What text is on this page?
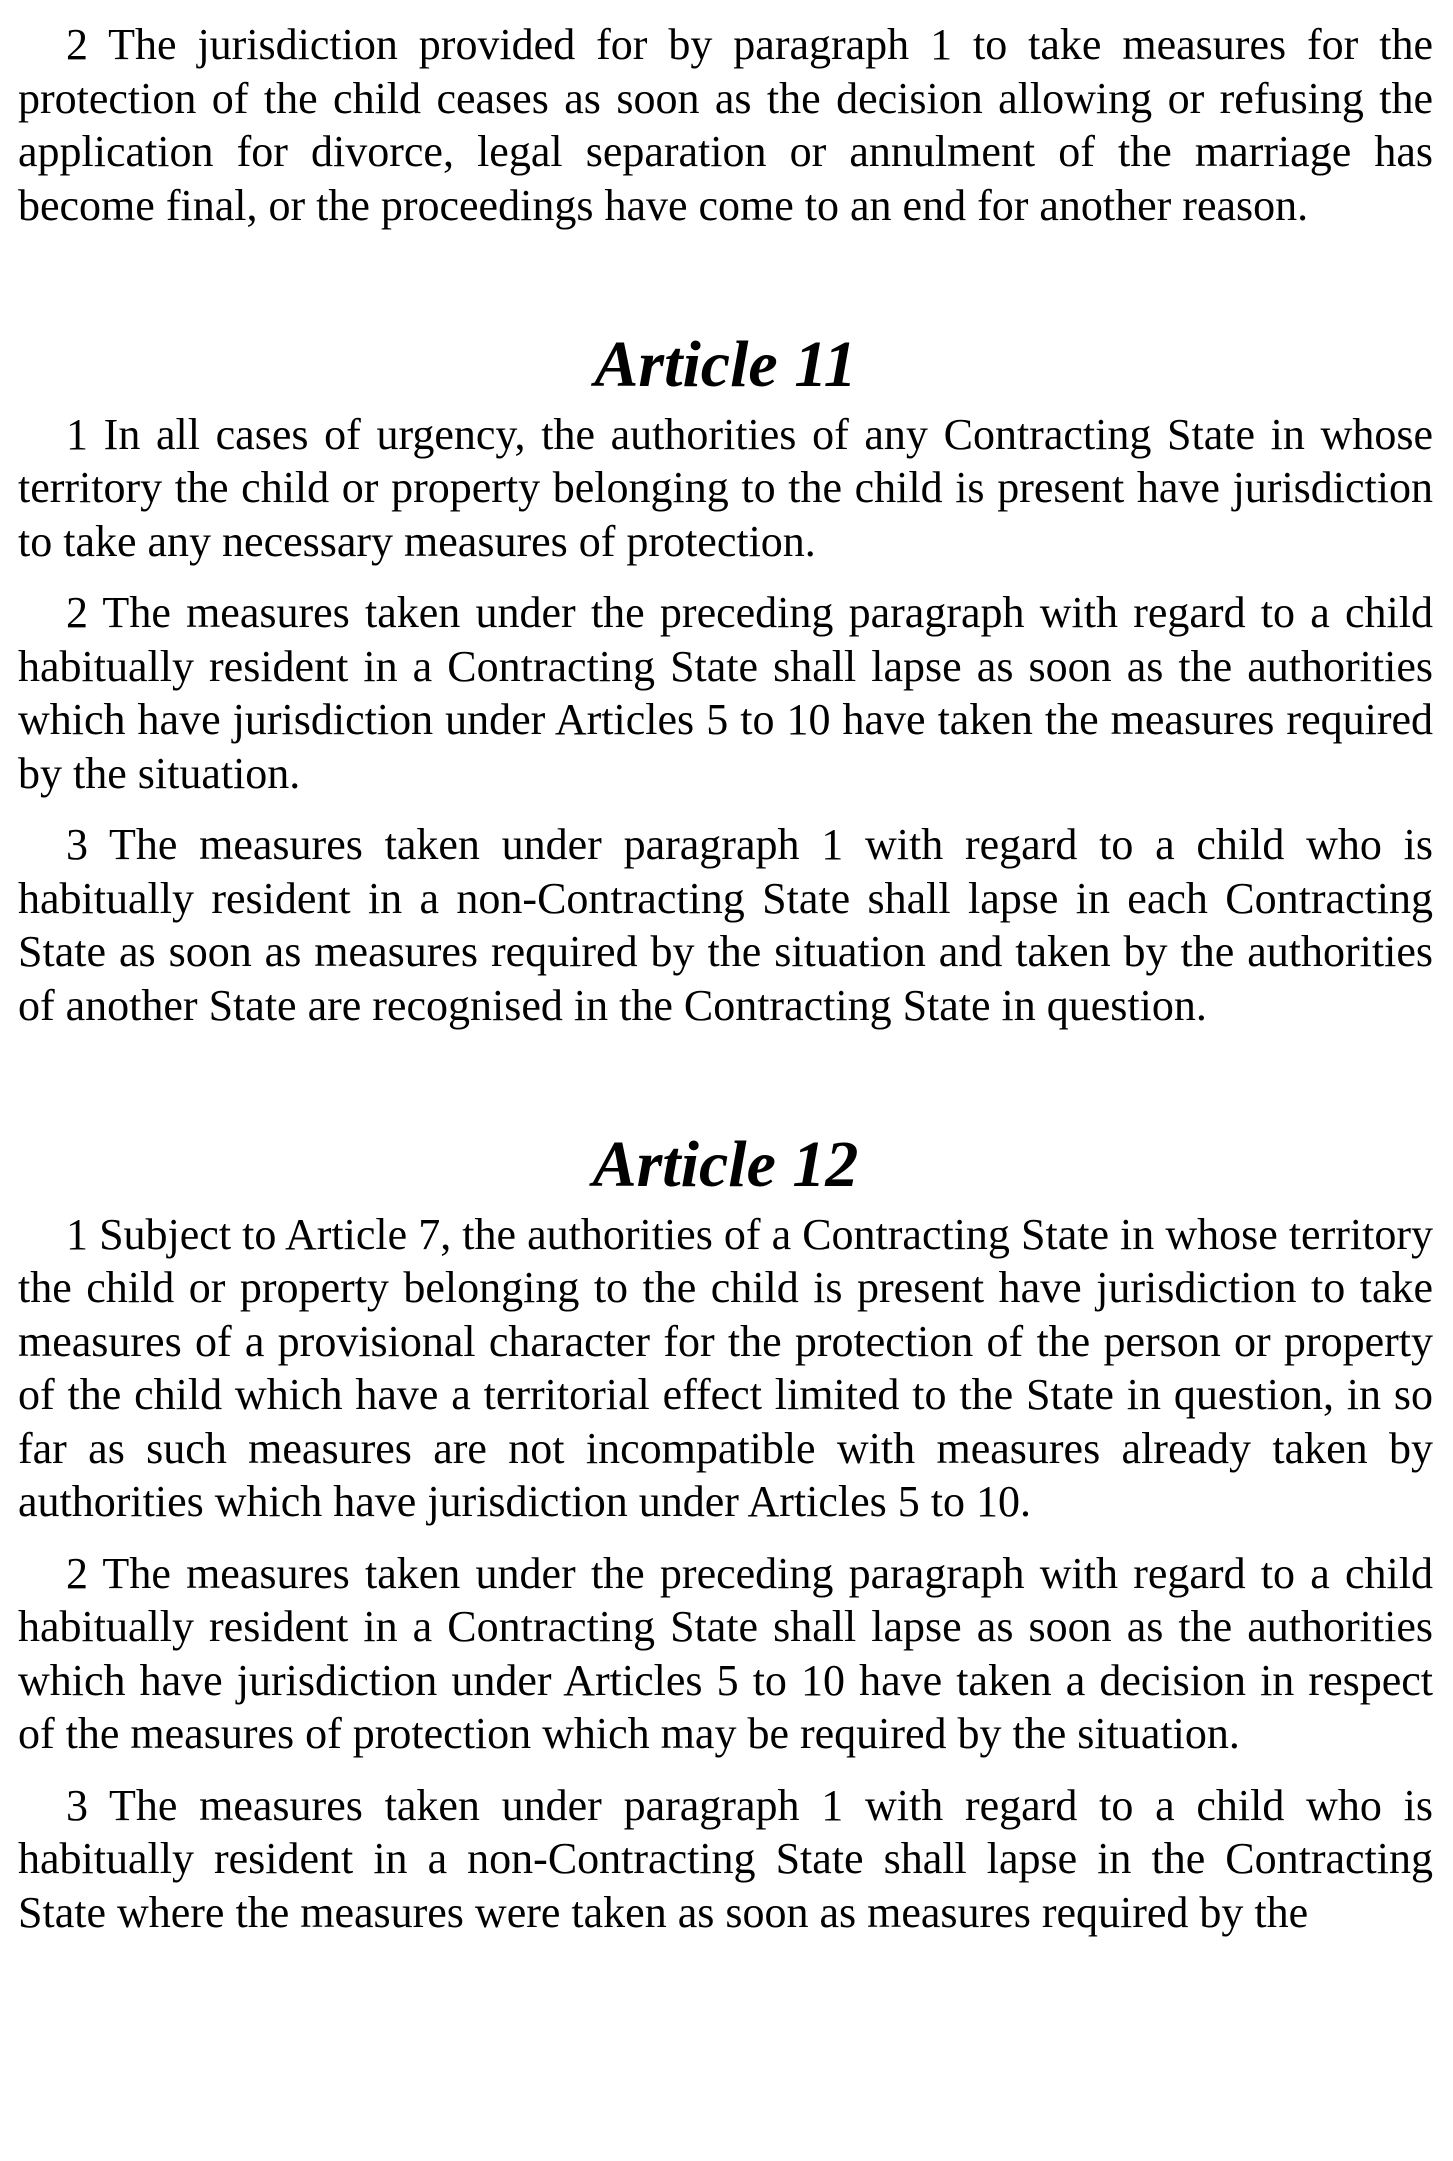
2 The jurisdiction provided for by paragraph 1 to take measures for the protection of the child ceases as soon as the decision allowing or refusing the application for divorce, legal separation or annulment of the marriage has become final, or the proceedings have come to an end for another reason.

Article 11

1 In all cases of urgency, the authorities of any Contracting State in whose territory the child or property belonging to the child is present have jurisdiction to take any necessary measures of protection.

2 The measures taken under the preceding paragraph with regard to a child habitually resident in a Contracting State shall lapse as soon as the authorities which have jurisdiction under Articles 5 to 10 have taken the measures required by the situation.

3 The measures taken under paragraph 1 with regard to a child who is habitually resident in a non-Contracting State shall lapse in each Contracting State as soon as measures required by the situation and taken by the authorities of another State are recognised in the Contracting State in question.

Article 12

1 Subject to Article 7, the authorities of a Contracting State in whose territory the child or property belonging to the child is present have jurisdiction to take measures of a provisional character for the protection of the person or property of the child which have a territorial effect limited to the State in question, in so far as such measures are not incompatible with measures already taken by authorities which have jurisdiction under Articles 5 to 10.

2 The measures taken under the preceding paragraph with regard to a child habitually resident in a Contracting State shall lapse as soon as the authorities which have jurisdiction under Articles 5 to 10 have taken a decision in respect of the measures of protection which may be required by the situation.

3 The measures taken under paragraph 1 with regard to a child who is habitually resident in a non-Contracting State shall lapse in the Contracting State where the measures were taken as soon as measures required by the
